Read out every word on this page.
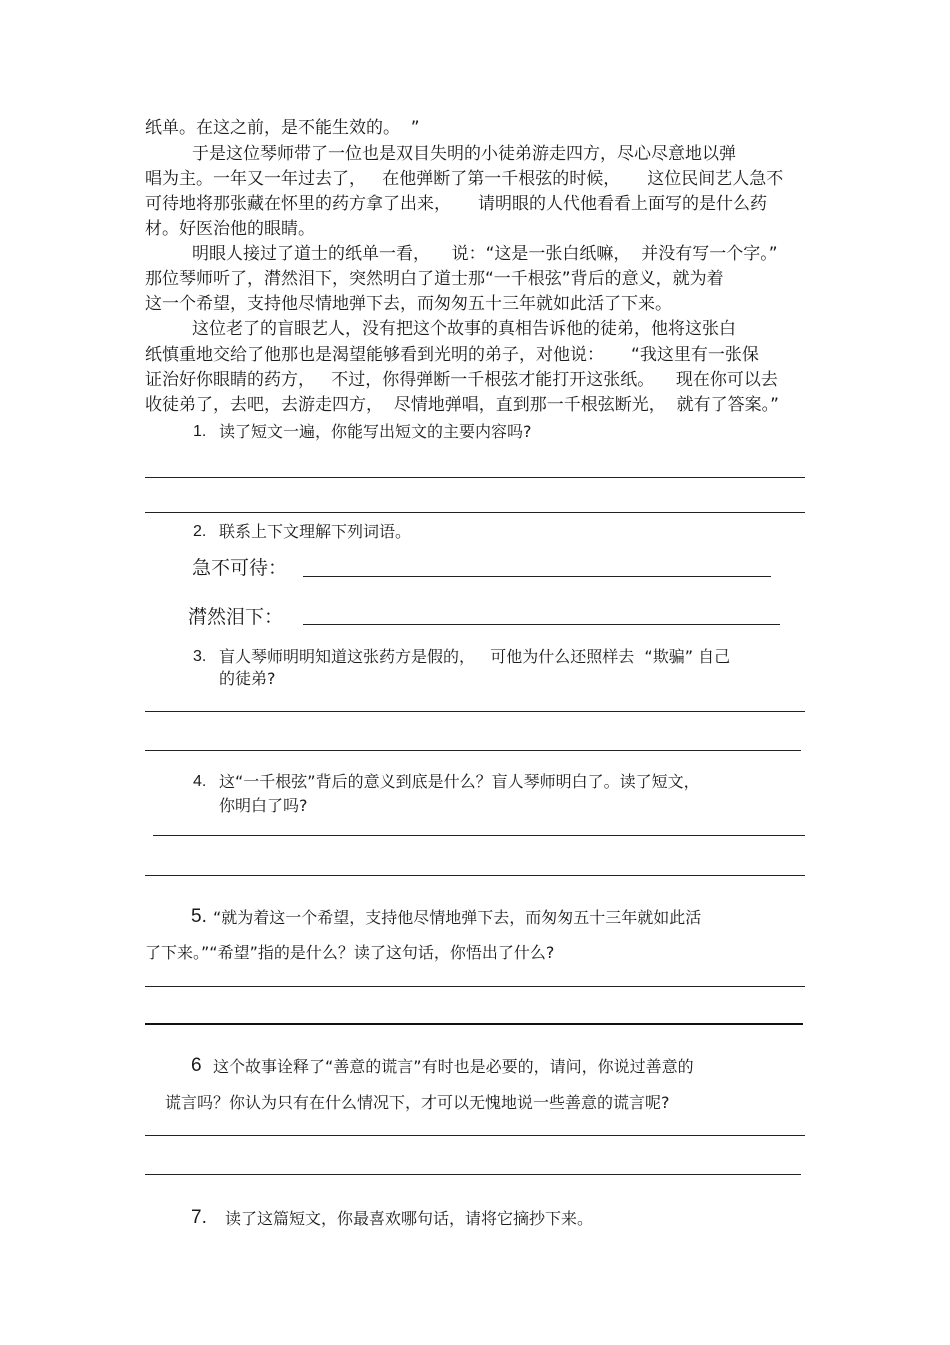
纸单。在这之前，是不能生效的。  ”
于是这位琴师带了一位也是双目失明的小徒弟游走四方，尽心尽意地以弹
唱为主。一年又一年过去了，   在他弹断了第一千根弦的时候，     这位民间艺人急不
可待地将那张藏在怀里的药方拿了出来，     请明眼的人代他看看上面写的是什么药
材。好医治他的眼睛。
明眼人接过了道士的纸单一看，    说：“这是一张白纸嘛，  并没有写一个字。”
那位琴师听了，潸然泪下，突然明白了道士那“一千根弦”背后的意义，就为着
这一个希望，支持他尽情地弹下去，而匆匆五十三年就如此活了下来。
这位老了的盲眼艺人，没有把这个故事的真相告诉他的徒弟，他将这张白
纸慎重地交给了他那也是渴望能够看到光明的弟子，对他说：     “我这里有一张保
证治好你眼睛的药方，   不过，你得弹断一千根弦才能打开这张纸。    现在你可以去
收徒弟了，去吧，去游走四方，  尽情地弹唱，直到那一千根弦断光，  就有了答案。”
1. 读了短文一遍，你能写出短文的主要内容吗?
2. 联系上下文理解下列词语。
急不可待：
潸然泪下：
3. 盲人琴师明明知道这张药方是假的，   可他为什么还照样去  “欺骗” 自己
的徒弟?
4. 这“一千根弦”背后的意义到底是什么？盲人琴师明白了。读了短文，
你明白了吗?
5. “就为着这一个希望，支持他尽情地弹下去，而匆匆五十三年就如此活
了下来。”“希望”指的是什么？读了这句话，你悟出了什么?
6 这个故事诠释了“善意的谎言”有时也是必要的，请问，你说过善意的
谎言吗？你认为只有在什么情况下，才可以无愧地说一些善意的谎言呢?
7. 读了这篇短文，你最喜欢哪句话，请将它摘抄下来。
